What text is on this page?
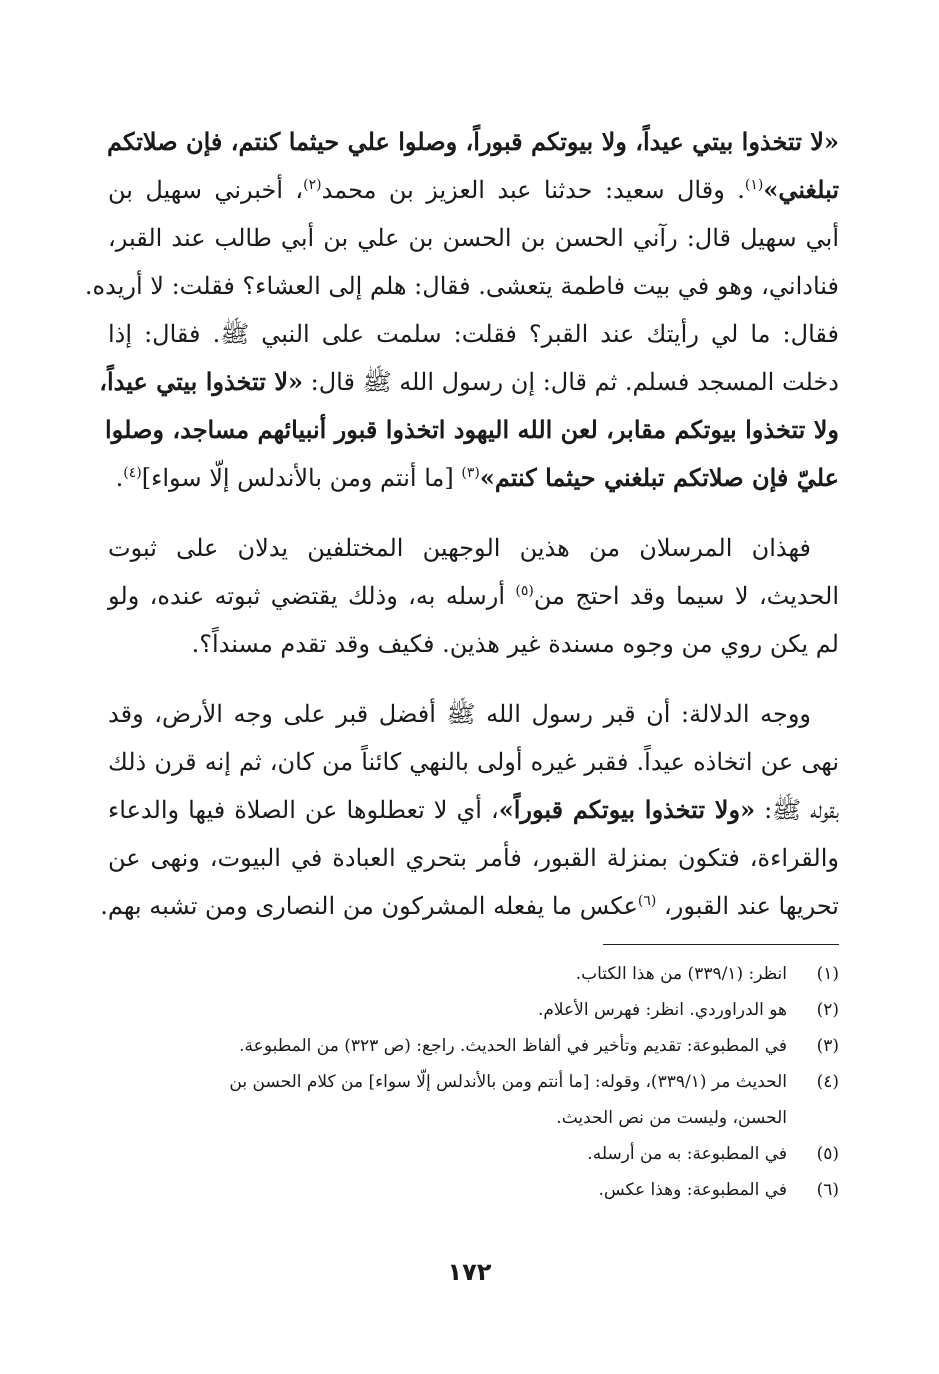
«لا تتخذوا بيتي عيداً، ولا بيوتكم قبوراً، وصلوا علي حيثما كنتم، فإن صلاتكم
تبلغني»$^{(١)}$. وقال سعيد: حدثنا عبد العزيز بن محمد$^{(٢)}$، أخبرني سهيل بن
أبي سهيل قال: رآني الحسن بن الحسن بن علي بن أبي طالب عند القبر،
فناداني، وهو في بيت فاطمة يتعشى. فقال: هلم إلى العشاء؟ فقلت: لا أريده.
فقال: ما لي رأيتك عند القبر؟ فقلت: سلمت على النبي ﷺ. فقال: إذا
دخلت المسجد فسلم. ثم قال: إن رسول الله ﷺ قال: «لا تتخذوا بيتي عيداً،
ولا تتخذوا بيوتكم مقابر، لعن الله اليهود اتخذوا قبور أنبيائهم مساجد، وصلوا
عليّ فإن صلاتكم تبلغني حيثما كنتم»$^{(٣)}$ [ما أنتم ومن بالأندلس إلّا سواء]$^{(٤)}$.

فهذان المرسلان من هذين الوجهين المختلفين يدلان على ثبوت
الحديث، لا سيما وقد احتج من$^{(٥)}$ أرسله به، وذلك يقتضي ثبوته عنده، ولو
لم يكن روي من وجوه مسندة غير هذين. فكيف وقد تقدم مسنداً؟.

ووجه الدلالة: أن قبر رسول الله ﷺ أفضل قبر على وجه الأرض، وقد
نهى عن اتخاذه عيداً. فقبر غيره أولى بالنهي كائناً من كان، ثم إنه قرن ذلك
بقوله ﷺ: «ولا تتخذوا بيوتكم قبوراً»، أي لا تعطلوها عن الصلاة فيها والدعاء
والقراءة، فتكون بمنزلة القبور، فأمر بتحري العبادة في البيوت، ونهى عن
تحريها عند القبور، $^{(٦)}$عكس ما يفعله المشركون من النصارى ومن تشبه بهم.

(١)
انظر: (٣٣٩/١) من هذا الكتاب.
(٢)
هو الدراوردي. انظر: فهرس الأعلام.
(٣)
في المطبوعة: تقديم وتأخير في ألفاظ الحديث. راجع: (ص ٣٢٣) من المطبوعة.
(٤)
الحديث مر (٣٣٩/١)، وقوله: [ما أنتم ومن بالأندلس إلّا سواء] من كلام الحسن بن
الحسن، وليست من نص الحديث.
(٥)
في المطبوعة: به من أرسله.
(٦)
في المطبوعة: وهذا عكس.
١٧٢
